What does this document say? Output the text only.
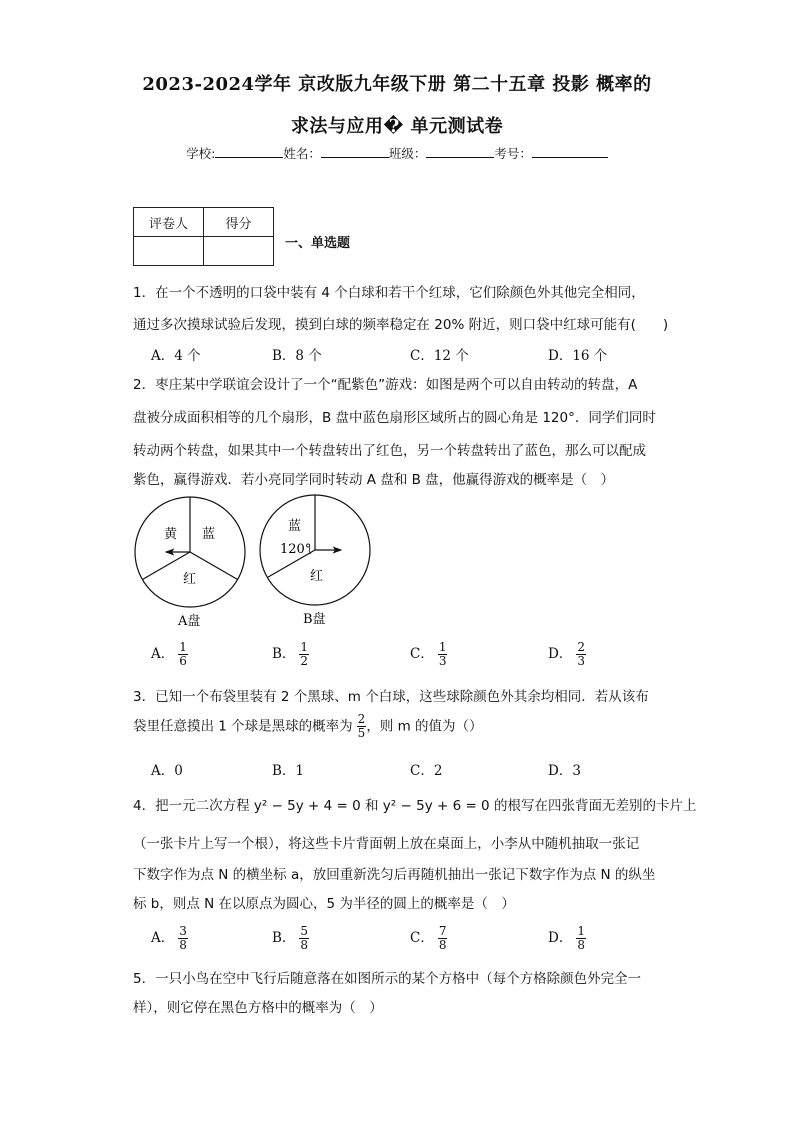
2023-2024学年 京改版九年级下册 第二十五章 投影 概率的
求法与应用� 单元测试卷
学校:	姓名：	班级：	考号：
评卷人	得分

一、单选题
1．在一个不透明的口袋中装有 4 个白球和若干个红球，它们除颜色外其他完全相同，
通过多次摸球试验后发现，摸到白球的频率稳定在 20% 附近，则口袋中红球可能有(　　)
A．4 个	B．8 个	C．12 个	D．16 个
2．枣庄某中学联谊会设计了一个“配紫色”游戏：如图是两个可以自由转动的转盘，A
盘被分成面积相等的几个扇形，B 盘中蓝色扇形区域所占的圆心角是 120°．同学们同时
转动两个转盘，如果其中一个转盘转出了红色，另一个转盘转出了蓝色，那么可以配成
紫色，赢得游戏．若小亮同学同时转动 A 盘和 B 盘，他赢得游戏的概率是（　）
黄 蓝
红
A盘
蓝
120°
红
B盘
A． $\frac{1}{6}$	B． $\frac{1}{2}$	C． $\frac{1}{3}$	D． $\frac{2}{3}$
3．已知一个布袋里装有 2 个黑球、m 个白球，这些球除颜色外其余均相同．若从该布
袋里任意摸出 1 个球是黑球的概率为 $\frac{2}{5}$ ，则 m 的值为（）
A．0	B．1	C．2	D．3
4．把一元二次方程 y² − 5y + 4 = 0 和 y² − 5y + 6 = 0 的根写在四张背面无差别的卡片上
（一张卡片上写一个根），将这些卡片背面朝上放在桌面上，小李从中随机抽取一张记
下数字作为点 N 的横坐标 a，放回重新洗匀后再随机抽出一张记下数字作为点 N 的纵坐
标 b，则点 N 在以原点为圆心，5 为半径的圆上的概率是（　）
A． $\frac{3}{8}$	B． $\frac{5}{8}$	C． $\frac{7}{8}$	D． $\frac{1}{8}$
5．一只小鸟在空中飞行后随意落在如图所示的某个方格中（每个方格除颜色外完全一
样），则它停在黑色方格中的概率为（　）
